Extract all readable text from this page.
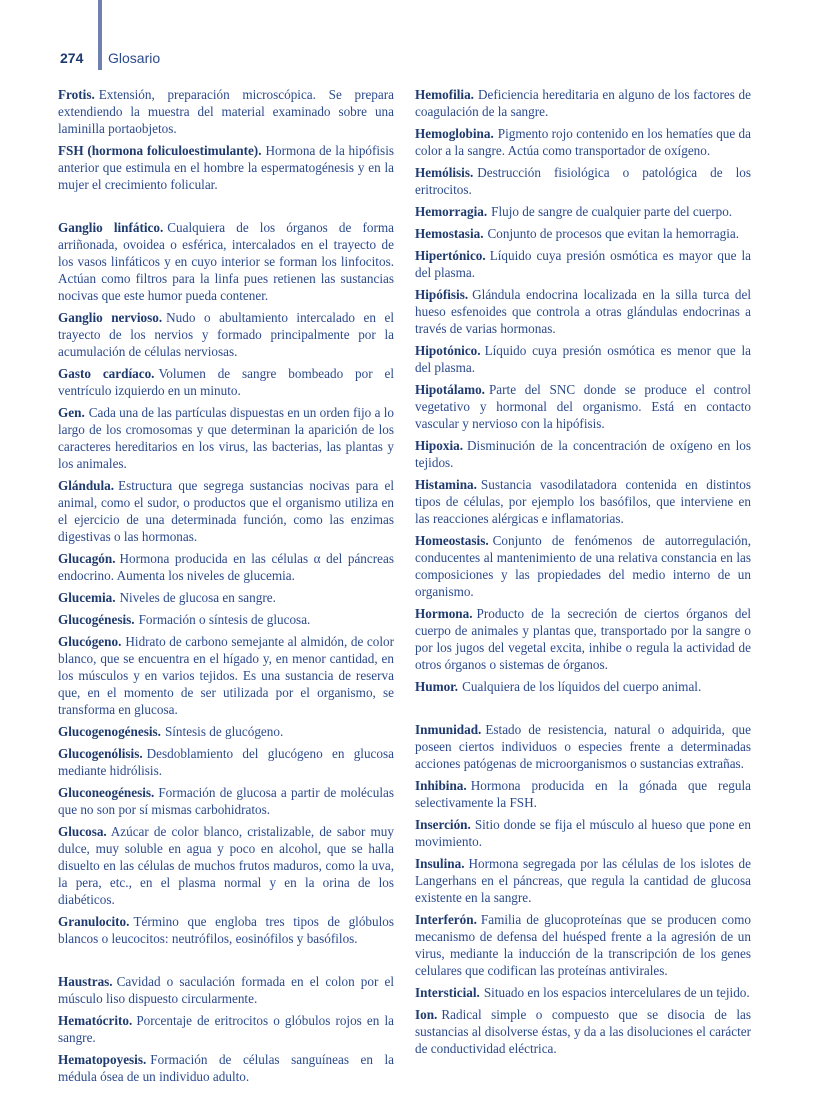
274 Glosario
Frotis. Extensión, preparación microscópica. Se prepara extendiendo la muestra del material examinado sobre una laminilla portaobjetos.
FSH (hormona foliculoestimulante). Hormona de la hipófisis anterior que estimula en el hombre la espermatogénesis y en la mujer el crecimiento folicular.
Ganglio linfático. Cualquiera de los órganos de forma arriñonada, ovoidea o esférica, intercalados en el trayecto de los vasos linfáticos y en cuyo interior se forman los linfocitos. Actúan como filtros para la linfa pues retienen las sustancias nocivas que este humor pueda contener.
Ganglio nervioso. Nudo o abultamiento intercalado en el trayecto de los nervios y formado principalmente por la acumulación de células nerviosas.
Gasto cardíaco. Volumen de sangre bombeado por el ventrículo izquierdo en un minuto.
Gen. Cada una de las partículas dispuestas en un orden fijo a lo largo de los cromosomas y que determinan la aparición de los caracteres hereditarios en los virus, las bacterias, las plantas y los animales.
Glándula. Estructura que segrega sustancias nocivas para el animal, como el sudor, o productos que el organismo utiliza en el ejercicio de una determinada función, como las enzimas digestivas o las hormonas.
Glucagón. Hormona producida en las células α del páncreas endocrino. Aumenta los niveles de glucemia.
Glucemia. Niveles de glucosa en sangre.
Glucogénesis. Formación o síntesis de glucosa.
Glucógeno. Hidrato de carbono semejante al almidón, de color blanco, que se encuentra en el hígado y, en menor cantidad, en los músculos y en varios tejidos. Es una sustancia de reserva que, en el momento de ser utilizada por el organismo, se transforma en glucosa.
Glucogenogénesis. Síntesis de glucógeno.
Glucogenólisis. Desdoblamiento del glucógeno en glucosa mediante hidrólisis.
Gluconeogénesis. Formación de glucosa a partir de moléculas que no son por sí mismas carbohidratos.
Glucosa. Azúcar de color blanco, cristalizable, de sabor muy dulce, muy soluble en agua y poco en alcohol, que se halla disuelto en las células de muchos frutos maduros, como la uva, la pera, etc., en el plasma normal y en la orina de los diabéticos.
Granulocito. Término que engloba tres tipos de glóbulos blancos o leucocitos: neutrófilos, eosinófilos y basófilos.
Haustras. Cavidad o saculación formada en el colon por el músculo liso dispuesto circularmente.
Hematócrito. Porcentaje de eritrocitos o glóbulos rojos en la sangre.
Hematopoyesis. Formación de células sanguíneas en la médula ósea de un individuo adulto.
Hemofilia. Deficiencia hereditaria en alguno de los factores de coagulación de la sangre.
Hemoglobina. Pigmento rojo contenido en los hematíes que da color a la sangre. Actúa como transportador de oxígeno.
Hemólisis. Destrucción fisiológica o patológica de los eritrocitos.
Hemorragia. Flujo de sangre de cualquier parte del cuerpo.
Hemostasia. Conjunto de procesos que evitan la hemorragia.
Hipertónico. Líquido cuya presión osmótica es mayor que la del plasma.
Hipófisis. Glándula endocrina localizada en la silla turca del hueso esfenoides que controla a otras glándulas endocrinas a través de varias hormonas.
Hipotónico. Líquido cuya presión osmótica es menor que la del plasma.
Hipotálamo. Parte del SNC donde se produce el control vegetativo y hormonal del organismo. Está en contacto vascular y nervioso con la hipófisis.
Hipoxia. Disminución de la concentración de oxígeno en los tejidos.
Histamina. Sustancia vasodilatadora contenida en distintos tipos de células, por ejemplo los basófilos, que interviene en las reacciones alérgicas e inflamatorias.
Homeostasis. Conjunto de fenómenos de autorregulación, conducentes al mantenimiento de una relativa constancia en las composiciones y las propiedades del medio interno de un organismo.
Hormona. Producto de la secreción de ciertos órganos del cuerpo de animales y plantas que, transportado por la sangre o por los jugos del vegetal excita, inhibe o regula la actividad de otros órganos o sistemas de órganos.
Humor. Cualquiera de los líquidos del cuerpo animal.
Inmunidad. Estado de resistencia, natural o adquirida, que poseen ciertos individuos o especies frente a determinadas acciones patógenas de microorganismos o sustancias extrañas.
Inhibina. Hormona producida en la gónada que regula selectivamente la FSH.
Inserción. Sitio donde se fija el músculo al hueso que pone en movimiento.
Insulina. Hormona segregada por las células de los islotes de Langerhans en el páncreas, que regula la cantidad de glucosa existente en la sangre.
Interferón. Familia de glucoproteínas que se producen como mecanismo de defensa del huésped frente a la agresión de un virus, mediante la inducción de la transcripción de los genes celulares que codifican las proteínas antivirales.
Intersticial. Situado en los espacios intercelulares de un tejido.
Ion. Radical simple o compuesto que se disocia de las sustancias al disolverse éstas, y da a las disoluciones el carácter de conductividad eléctrica.
